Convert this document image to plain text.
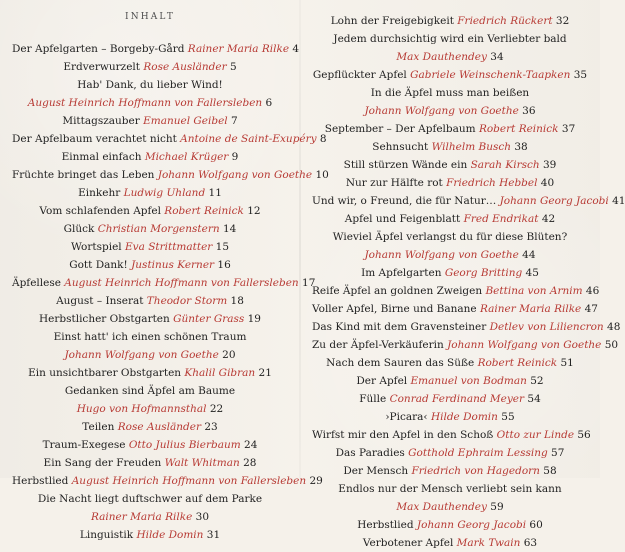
INHALT
Der Apfelgarten – Borgeby-Gård Rainer Maria Rilke 4
Erdverwurzelt Rose Ausländer 5
Hab' Dank, du lieber Wind!
August Heinrich Hoffmann von Fallersleben 6
Mittagszauber Emanuel Geibel 7
Der Apfelbaum verachtet nicht Antoine de Saint-Exupéry 8
Einmal einfach Michael Krüger 9
Früchte bringet das Leben Johann Wolfgang von Goethe 10
Einkehr Ludwig Uhland 11
Vom schlafenden Apfel Robert Reinick 12
Glück Christian Morgenstern 14
Wortspiel Eva Strittmatter 15
Gott Dank! Justinus Kerner 16
Äpfellese August Heinrich Hoffmann von Fallersleben 17
August – Inserat Theodor Storm 18
Herbstlicher Obstgarten Günter Grass 19
Einst hatt' ich einen schönen Traum
Johann Wolfgang von Goethe 20
Ein unsichtbarer Obstgarten Khalil Gibran 21
Gedanken sind Äpfel am Baume
Hugo von Hofmannsthal 22
Teilen Rose Ausländer 23
Traum-Exegese Otto Julius Bierbaum 24
Ein Sang der Freuden Walt Whitman 28
Herbstlied August Heinrich Hoffmann von Fallersleben 29
Die Nacht liegt duftschwer auf dem Parke
Rainer Maria Rilke 30
Linguistik Hilde Domin 31
Lohn der Freigebigkeit Friedrich Rückert 32
Jedem durchsichtig wird ein Verliebter bald
Max Dauthendey 34
Gepflückter Apfel Gabriele Weinschenk-Taapken 35
In die Äpfel muss man beißen
Johann Wolfgang von Goethe 36
September – Der Apfelbaum Robert Reinick 37
Sehnsucht Wilhelm Busch 38
Still stürzen Wände ein Sarah Kirsch 39
Nur zur Hälfte rot Friedrich Hebbel 40
Und wir, o Freund, die für Natur… Johann Georg Jacobi 41
Apfel und Feigenblatt Fred Endrikat 42
Wieviel Äpfel verlangst du für diese Blüten?
Johann Wolfgang von Goethe 44
Im Apfelgarten Georg Britting 45
Reife Äpfel an goldnen Zweigen Bettina von Arnim 46
Voller Apfel, Birne und Banane Rainer Maria Rilke 47
Das Kind mit dem Gravensteiner Detlev von Liliencron 48
Zu der Äpfel-Verkäuferin Johann Wolfgang von Goethe 50
Nach dem Sauren das Süße Robert Reinick 51
Der Apfel Emanuel von Bodman 52
Fülle Conrad Ferdinand Meyer 54
›Picara‹ Hilde Domin 55
Wirfst mir den Apfel in den Schoß Otto zur Linde 56
Das Paradies Gotthold Ephraim Lessing 57
Der Mensch Friedrich von Hagedorn 58
Endlos nur der Mensch verliebt sein kann
Max Dauthendey 59
Herbstlied Johann Georg Jacobi 60
Verbotener Apfel Mark Twain 63
